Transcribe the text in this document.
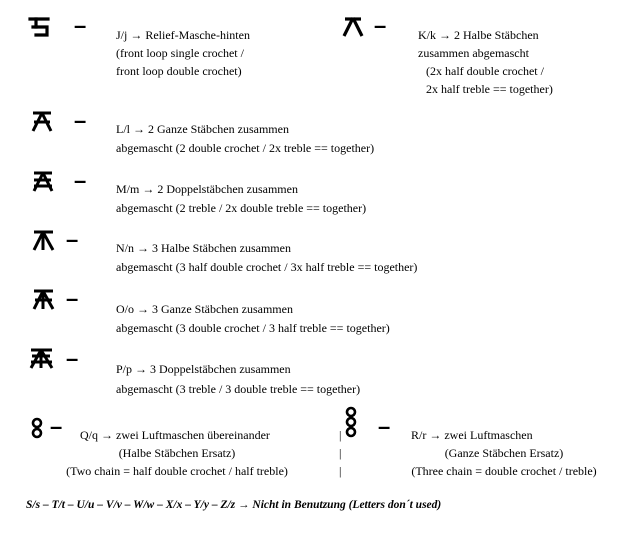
– J/j → Relief-Masche-hinten
(front loop single crochet /
front loop double crochet)
–	K/k → 2 Halbe Stäbchen
zusammen abgemascht
(2x half double crochet /
2x half treble == together)
– L/l → 2 Ganze Stäbchen zusammen
abgemascht (2 double crochet / 2x treble == together)
– M/m → 2 Doppelstäbchen zusammen
abgemascht (2 treble / 2x double treble == together)
–	N/n → 3 Halbe Stäbchen zusammen
abgemascht (3 half double crochet / 3x half treble == together)
–	O/o → 3 Ganze Stäbchen zusammen
abgemascht (3 double crochet / 3 half treble == together)
–	P/p → 3 Doppelstäbchen zusammen
abgemascht (3 treble / 3 double treble == together)
– Q/q → zwei Luftmaschen übereinander
(Halbe Stäbchen Ersatz)
(Two chain = half double crochet / half treble)
|
|
|
– R/r → zwei Luftmaschen
(Ganze Stäbchen Ersatz)
(Three chain = double crochet / treble)
S/s – T/t – U/u – V/v – W/w – X/x – Y/y – Z/z → Nicht in Benutzung (Letters don´t used)
